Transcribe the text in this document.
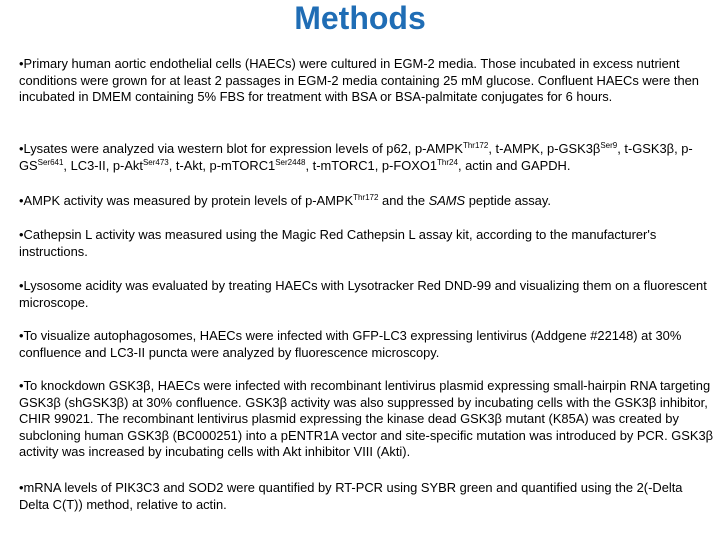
Methods

•Primary human aortic endothelial cells (HAECs) were cultured in EGM-2 media. Those incubated in excess nutrient conditions were grown for at least 2 passages in EGM-2 media containing 25 mM glucose. Confluent HAECs were then incubated in DMEM containing 5% FBS for treatment with BSA or BSA-palmitate conjugates for 6 hours.

•Lysates were analyzed via western blot for expression levels of p62, $p-AMPK^{Thr172}$, t-AMPK, $p-GSK3\beta^{Ser9}$, t-GSK3β, $p-GS^{Ser641}$, LC3-II, p-Akt$^{Ser473}$, t-Akt, $p-mTORC1^{Ser2448}$, t-mTORC1, $p-FOXO1^{Thr24}$, actin and GAPDH.

•AMPK activity was measured by protein levels of $p-AMPK^{Thr172}$ and the SAMS peptide assay.

•Cathepsin L activity was measured using the Magic Red Cathepsin L assay kit, according to the manufacturer's instructions.

•Lysosome acidity was evaluated by treating HAECs with Lysotracker Red DND-99 and visualizing them on a fluorescent microscope.

•To visualize autophagosomes, HAECs were infected with GFP-LC3 expressing lentivirus (Addgene #22148) at 30% confluence and LC3-II puncta were analyzed by fluorescence microscopy.

•To knockdown GSK3β, HAECs were infected with recombinant lentivirus plasmid expressing small-hairpin RNA targeting GSK3β (shGSK3β) at 30% confluence. GSK3β activity was also suppressed by incubating cells with the GSK3β inhibitor, CHIR 99021. The recombinant lentivirus plasmid expressing the kinase dead GSK3β mutant (K85A) was created by subcloning human GSK3β (BC000251) into a pENTR1A vector and site-specific mutation was introduced by PCR. GSK3β activity was increased by incubating cells with Akt inhibitor VIII (Akti).

•mRNA levels of PIK3C3 and SOD2 were quantified by RT-PCR using SYBR green and quantified using the 2(-Delta Delta C(T)) method, relative to actin.
